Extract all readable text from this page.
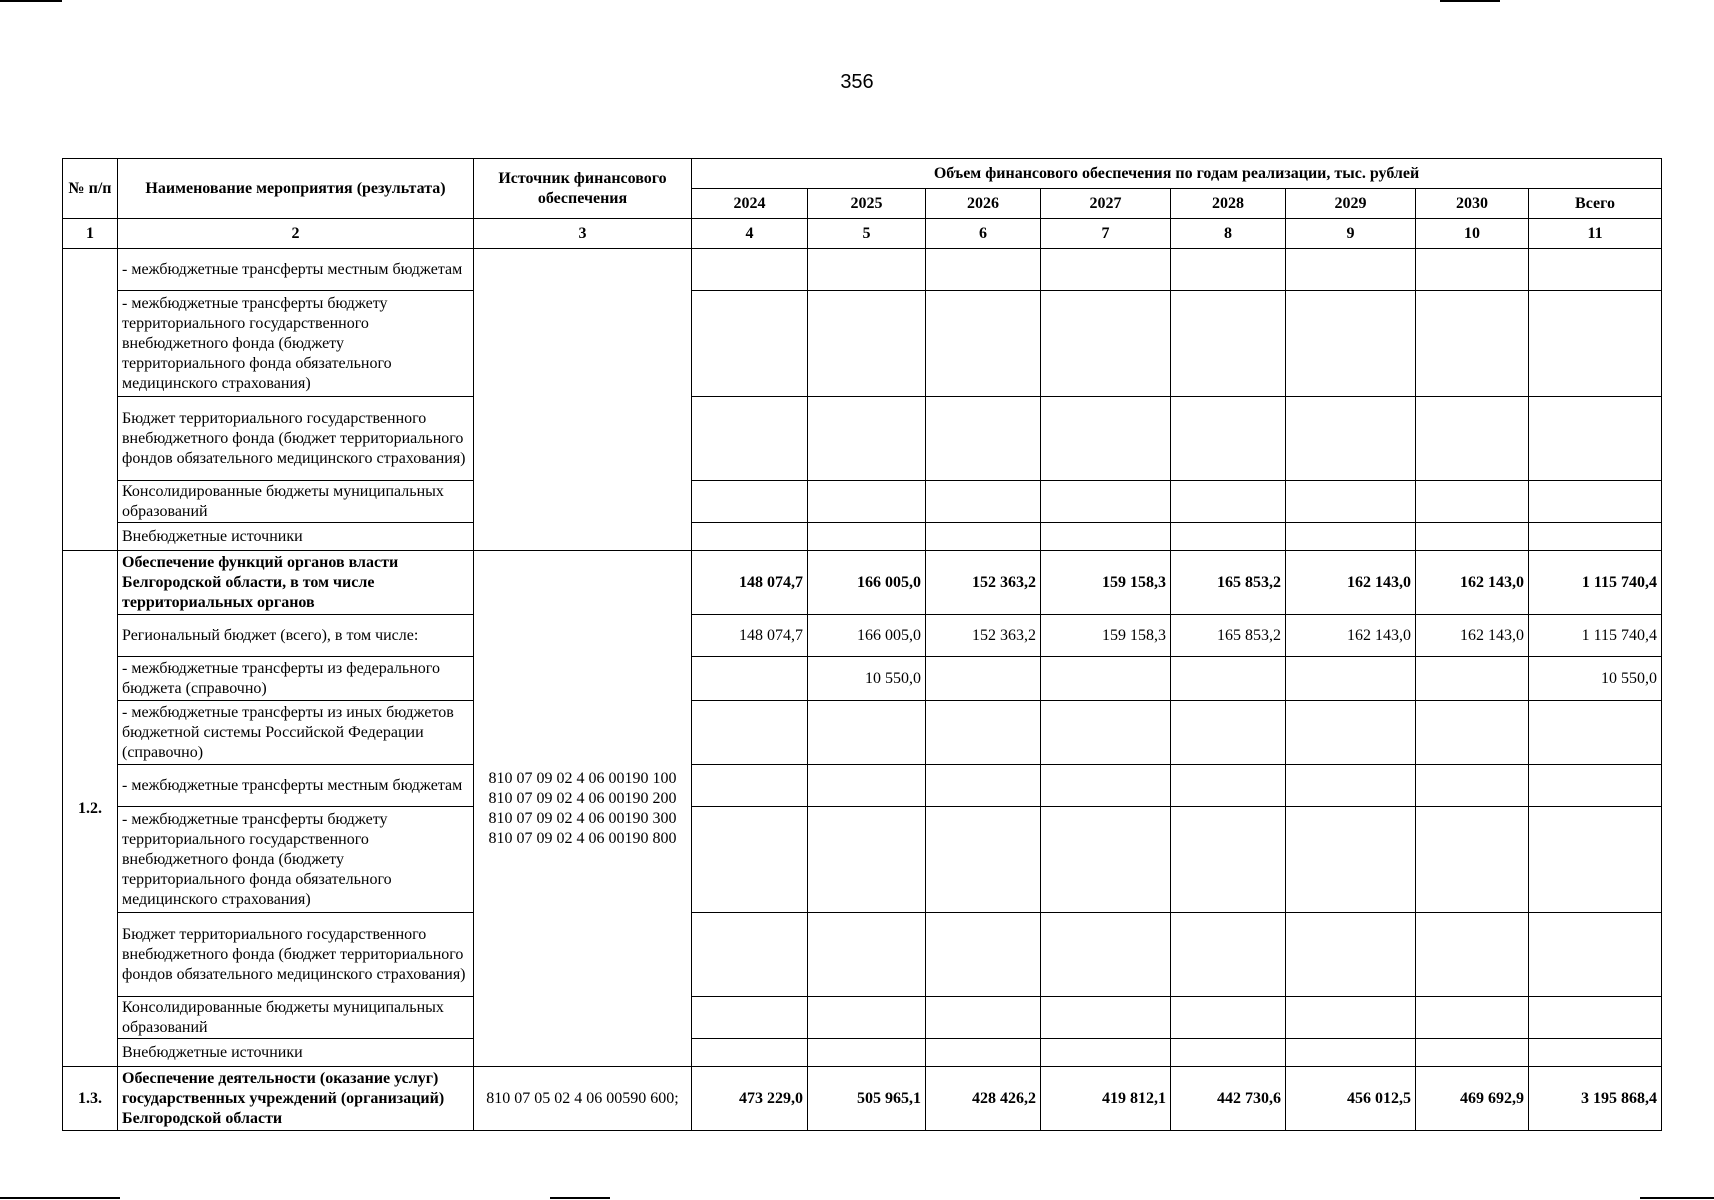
356
№ п/п	Наименование мероприятия (результата)	Источник финансового обеспечения	Объем финансового обеспечения по годам реализации, тыс. рублей							
			2024	2025	2026	2027	2028	2029	2030	Всего
1	2	3	4	5	6	7	8	9	10	11
	- межбюджетные трансферты местным бюджетам									
	- межбюджетные трансферты бюджету территориального государственного внебюджетного фонда (бюджету территориального фонда обязательного медицинского страхования)									
	Бюджет территориального государственного внебюджетного фонда (бюджет территориального фондов обязательного медицинского страхования)									
	Консолидированные бюджеты муниципальных образований									
	Внебюджетные источники									
1.2.	Обеспечение функций органов власти Белгородской области, в том числе территориальных органов	810 07 09 02 4 06 00190 100
810 07 09 02 4 06 00190 200
810 07 09 02 4 06 00190 300
810 07 09 02 4 06 00190 800	148 074,7	166 005,0	152 363,2	159 158,3	165 853,2	162 143,0	162 143,0	1 115 740,4
	Региональный бюджет (всего), в том числе:		148 074,7	166 005,0	152 363,2	159 158,3	165 853,2	162 143,0	162 143,0	1 115 740,4
	- межбюджетные трансферты из федерального бюджета (справочно)			10 550,0						10 550,0
	- межбюджетные трансферты из иных бюджетов бюджетной системы Российской Федерации (справочно)									
	- межбюджетные трансферты местным бюджетам									
	- межбюджетные трансферты бюджету территориального государственного внебюджетного фонда (бюджету территориального фонда обязательного медицинского страхования)									
	Бюджет территориального государственного внебюджетного фонда (бюджет территориального фондов обязательного медицинского страхования)									
	Консолидированные бюджеты муниципальных образований									
	Внебюджетные источники									
1.3.	Обеспечение деятельности (оказание услуг) государственных учреждений (организаций) Белгородской области	810 07 05 02 4 06 00590 600;	473 229,0	505 965,1	428 426,2	419 812,1	442 730,6	456 012,5	469 692,9	3 195 868,4
